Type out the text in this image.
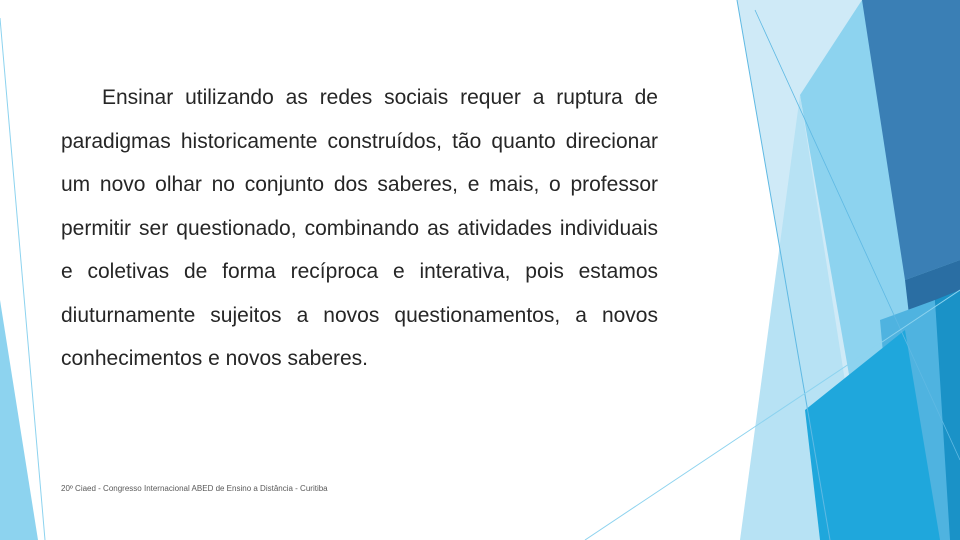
Ensinar utilizando as redes sociais requer a ruptura de paradigmas historicamente construídos, tão quanto direcionar um novo olhar no conjunto dos saberes, e mais, o professor permitir ser questionado, combinando as atividades individuais e coletivas de forma recíproca e interativa, pois estamos diuturnamente sujeitos a novos questionamentos, a novos conhecimentos e novos saberes.

20º Ciaed - Congresso Internacional ABED de Ensino a Distância - Curitiba
